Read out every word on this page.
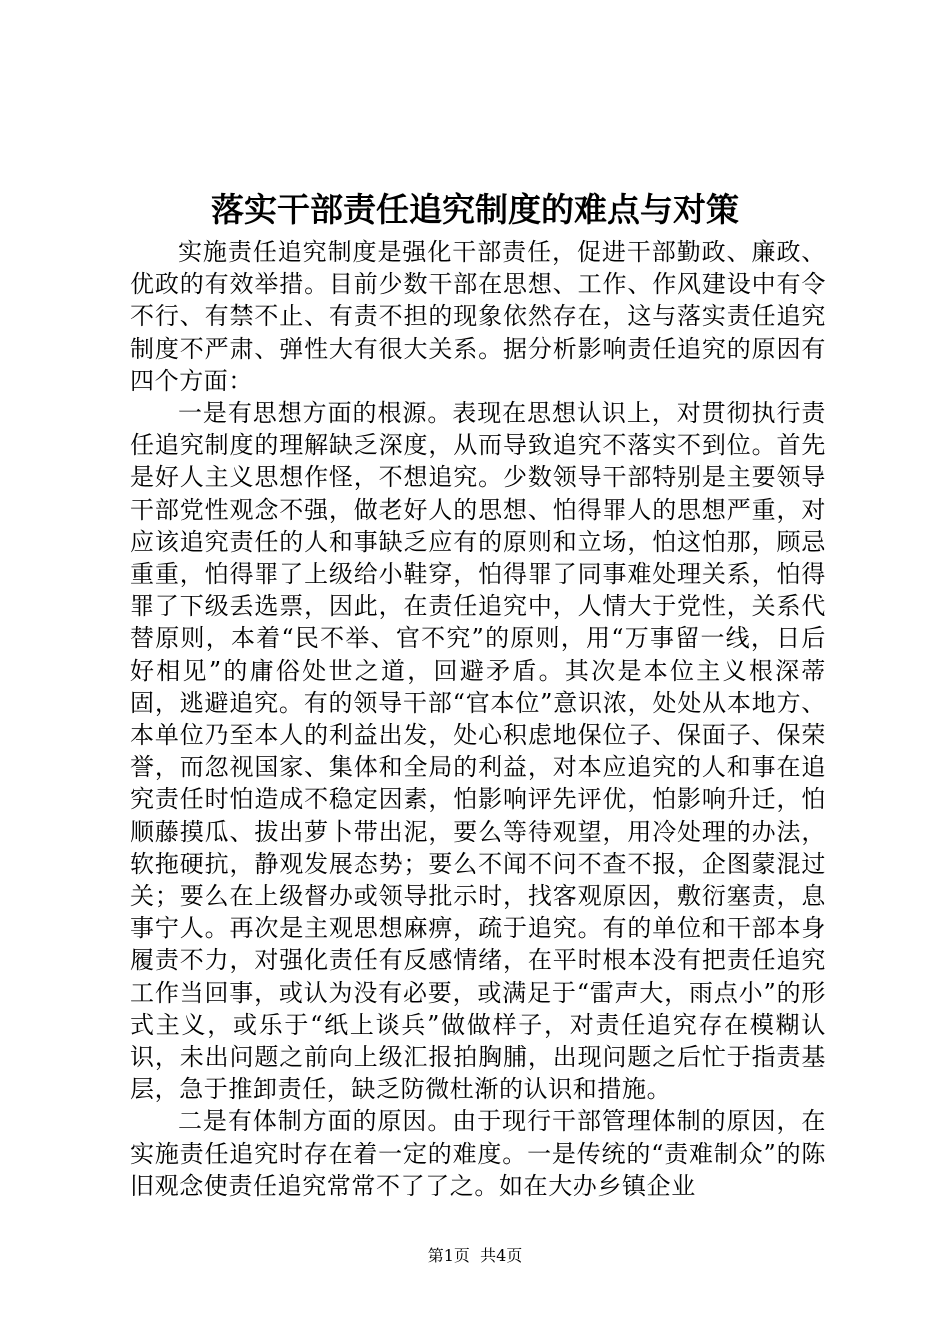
落实干部责任追究制度的难点与对策

实施责任追究制度是强化干部责任，促进干部勤政、廉政、优政的有效举措。目前少数干部在思想、工作、作风建设中有令不行、有禁不止、有责不担的现象依然存在，这与落实责任追究制度不严肃、弹性大有很大关系。据分析影响责任追究的原因有四个方面：

一是有思想方面的根源。表现在思想认识上，对贯彻执行责任追究制度的理解缺乏深度，从而导致追究不落实不到位。首先是好人主义思想作怪，不想追究。少数领导干部特别是主要领导干部党性观念不强，做老好人的思想、怕得罪人的思想严重，对应该追究责任的人和事缺乏应有的原则和立场，怕这怕那，顾忌重重，怕得罪了上级给小鞋穿，怕得罪了同事难处理关系，怕得罪了下级丢选票，因此，在责任追究中，人情大于党性，关系代替原则，本着“民不举、官不究”的原则，用“万事留一线，日后好相见”的庸俗处世之道，回避矛盾。其次是本位主义根深蒂固，逃避追究。有的领导干部“官本位”意识浓，处处从本地方、本单位乃至本人的利益出发，处心积虑地保位子、保面子、保荣誉，而忽视国家、集体和全局的利益，对本应追究的人和事在追究责任时怕造成不稳定因素，怕影响评先评优，怕影响升迁，怕顺藤摸瓜、拔出萝卜带出泥，要么等待观望，用冷处理的办法，软拖硬抗，静观发展态势；要么不闻不问不查不报，企图蒙混过关；要么在上级督办或领导批示时，找客观原因，敷衍塞责，息事宁人。再次是主观思想麻痹，疏于追究。有的单位和干部本身履责不力，对强化责任有反感情绪，在平时根本没有把责任追究工作当回事，或认为没有必要，或满足于“雷声大，雨点小”的形式主义，或乐于“纸上谈兵”做做样子，对责任追究存在模糊认识，未出问题之前向上级汇报拍胸脯，出现问题之后忙于指责基层，急于推卸责任，缺乏防微杜渐的认识和措施。

二是有体制方面的原因。由于现行干部管理体制的原因，在实施责任追究时存在着一定的难度。一是传统的“责难制众”的陈旧观念使责任追究常常不了了之。如在大办乡镇企业

第1页 共4页
